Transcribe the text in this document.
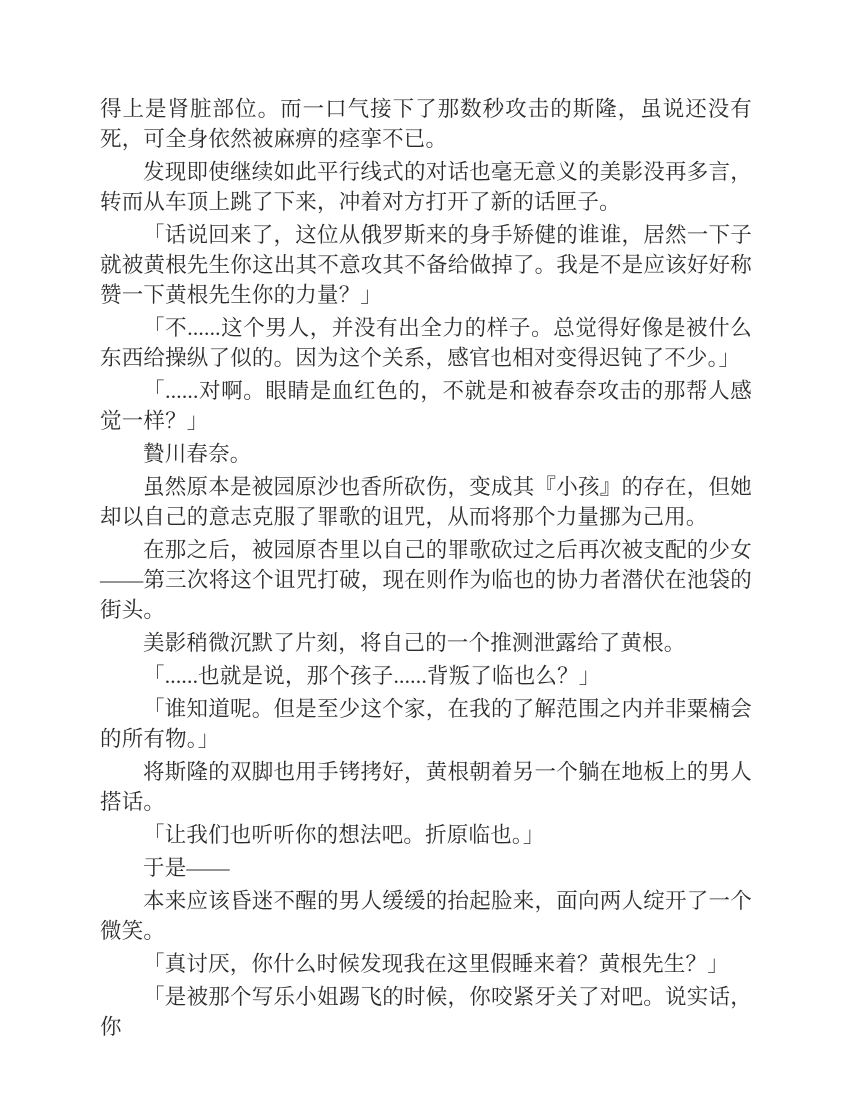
得上是肾脏部位。而一口气接下了那数秒攻击的斯隆，虽说还没有死，可全身依然被麻痹的痉挛不已。

发现即使继续如此平行线式的对话也毫无意义的美影没再多言，转而从车顶上跳了下来，冲着对方打开了新的话匣子。

「话说回来了，这位从俄罗斯来的身手矫健的谁谁，居然一下子就被黄根先生你这出其不意攻其不备给做掉了。我是不是应该好好称赞一下黄根先生你的力量？」

「不......这个男人，并没有出全力的样子。总觉得好像是被什么东西给操纵了似的。因为这个关系，感官也相对变得迟钝了不少。」

「......对啊。眼睛是血红色的，不就是和被春奈攻击的那帮人感觉一样？」

贄川春奈。

虽然原本是被园原沙也香所砍伤，变成其『小孩』的存在，但她却以自己的意志克服了罪歌的诅咒，从而将那个力量挪为己用。

在那之后，被园原杏里以自己的罪歌砍过之后再次被支配的少女——第三次将这个诅咒打破，现在则作为临也的协力者潜伏在池袋的街头。

美影稍微沉默了片刻，将自己的一个推测泄露给了黄根。

「......也就是说，那个孩子......背叛了临也么？」

「谁知道呢。但是至少这个家，在我的了解范围之内并非粟楠会的所有物。」

将斯隆的双脚也用手铐拷好，黄根朝着另一个躺在地板上的男人搭话。

「让我们也听听你的想法吧。折原临也。」

于是——

本来应该昏迷不醒的男人缓缓的抬起脸来，面向两人绽开了一个微笑。

「真讨厌，你什么时候发现我在这里假睡来着？黄根先生？」

「是被那个写乐小姐踢飞的时候，你咬紧牙关了对吧。说实话，你
